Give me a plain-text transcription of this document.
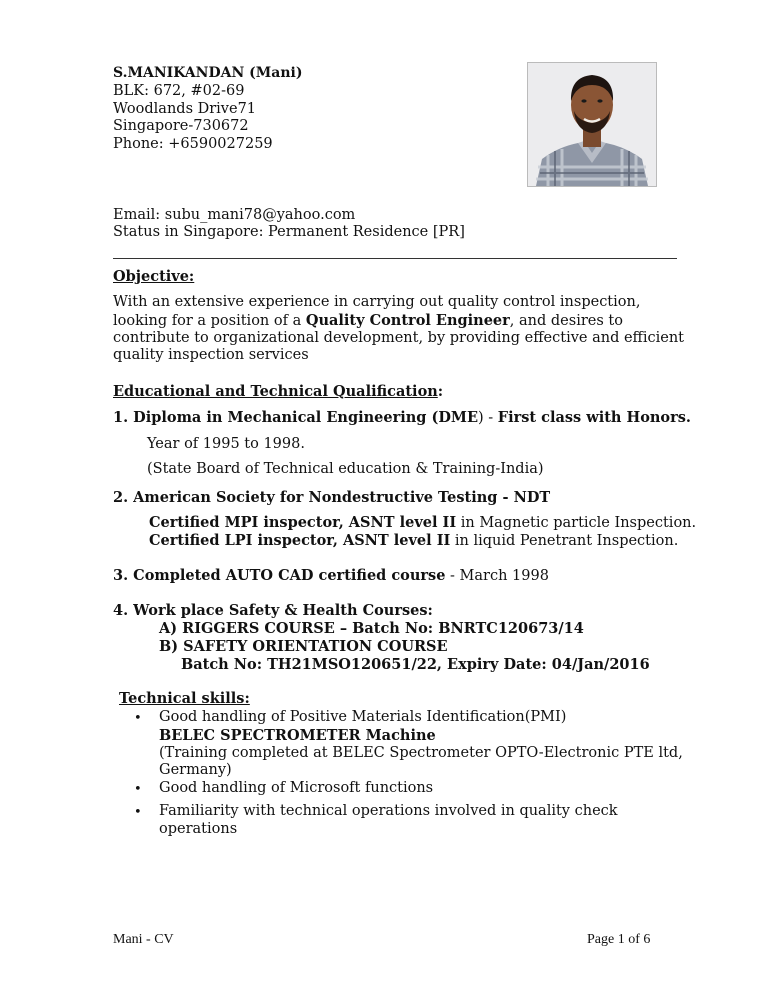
S.MANIKANDAN (Mani)
BLK: 672, #02-69
Woodlands Drive71
Singapore-730672
Phone: +6590027259
Email: subu_mani78@yahoo.com
Status in Singapore: Permanent Residence [PR]
Objective:
With an extensive experience in carrying out quality control inspection,
looking for a position of a Quality Control Engineer, and desires to
contribute to organizational development, by providing effective and efficient
quality inspection services
Educational and Technical Qualification:
1. Diploma in Mechanical Engineering (DME) - First class with Honors.
Year of 1995 to 1998.
(State Board of Technical education & Training-India)
2. American Society for Nondestructive Testing - NDT
Certified MPI inspector, ASNT level II in Magnetic particle Inspection.
Certified LPI inspector, ASNT level II in liquid Penetrant Inspection.
3. Completed AUTO CAD certified course - March 1998
4. Work place Safety & Health Courses:
A) RIGGERS COURSE – Batch No: BNRTC120673/14
B) SAFETY ORIENTATION COURSE
Batch No: TH21MSO120651/22, Expiry Date: 04/Jan/2016
Technical skills:
• Good handling of Positive Materials Identification(PMI)
BELEC SPECTROMETER Machine
(Training completed at BELEC Spectrometer OPTO-Electronic PTE ltd,
Germany)
• Good handling of Microsoft functions
• Familiarity with technical operations involved in quality check
operations
Mani - CV	Page 1 of 6
